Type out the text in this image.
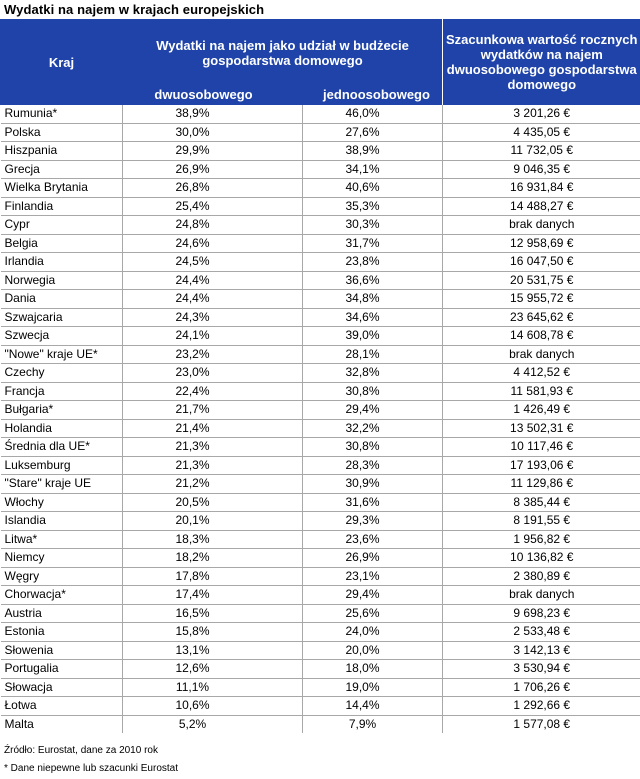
Wydatki na najem w krajach europejskich
Kraj	Wydatki na najem jako udział w budżecie gospodarstwa domowego		Szacunkowa wartość rocznych wydatków na najem dwuosobowego gospodarstwa domowego
	dwuosobowego	jednoosobowego	
Rumunia*	38,9%	46,0%	3 201,26 €
Polska	30,0%	27,6%	4 435,05 €
Hiszpania	29,9%	38,9%	11 732,05 €
Grecja	26,9%	34,1%	9 046,35 €
Wielka Brytania	26,8%	40,6%	16 931,84 €
Finlandia	25,4%	35,3%	14 488,27 €
Cypr	24,8%	30,3%	brak danych
Belgia	24,6%	31,7%	12 958,69 €
Irlandia	24,5%	23,8%	16 047,50 €
Norwegia	24,4%	36,6%	20 531,75 €
Dania	24,4%	34,8%	15 955,72 €
Szwajcaria	24,3%	34,6%	23 645,62 €
Szwecja	24,1%	39,0%	14 608,78 €
"Nowe" kraje UE*	23,2%	28,1%	brak danych
Czechy	23,0%	32,8%	4 412,52 €
Francja	22,4%	30,8%	11 581,93 €
Bułgaria*	21,7%	29,4%	1 426,49 €
Holandia	21,4%	32,2%	13 502,31 €
Średnia dla UE*	21,3%	30,8%	10 117,46 €
Luksemburg	21,3%	28,3%	17 193,06 €
"Stare" kraje UE	21,2%	30,9%	11 129,86 €
Włochy	20,5%	31,6%	8 385,44 €
Islandia	20,1%	29,3%	8 191,55 €
Litwa*	18,3%	23,6%	1 956,82 €
Niemcy	18,2%	26,9%	10 136,82 €
Węgry	17,8%	23,1%	2 380,89 €
Chorwacja*	17,4%	29,4%	brak danych
Austria	16,5%	25,6%	9 698,23 €
Estonia	15,8%	24,0%	2 533,48 €
Słowenia	13,1%	20,0%	3 142,13 €
Portugalia	12,6%	18,0%	3 530,94 €
Słowacja	11,1%	19,0%	1 706,26 €
Łotwa	10,6%	14,4%	1 292,66 €
Malta	5,2%	7,9%	1 577,08 €
Źródło: Eurostat, dane za 2010 rok
* Dane niepewne lub szacunki Eurostat
